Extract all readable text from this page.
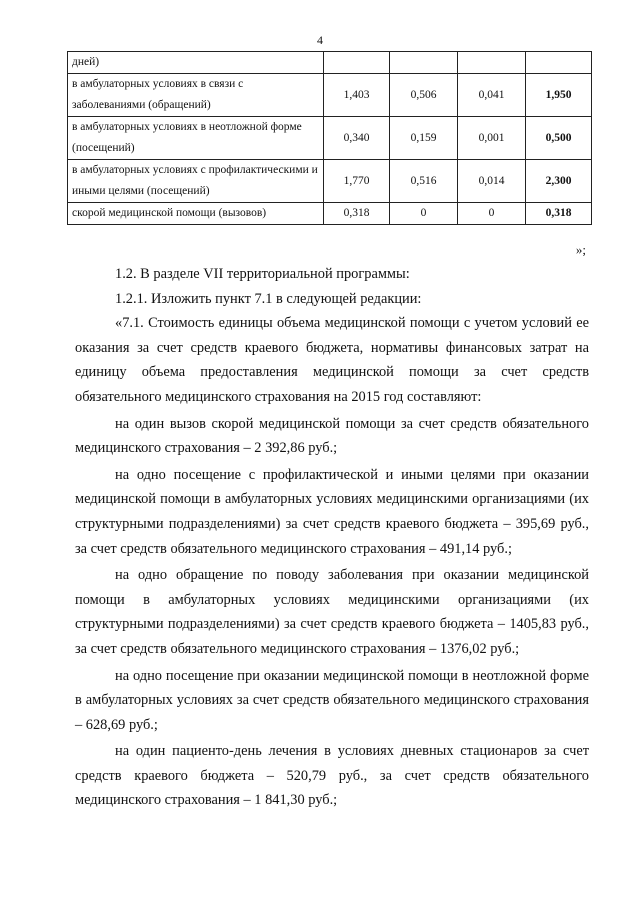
4
дней)				
в амбулаторных условиях в связи с заболеваниями (обращений)	1,403	0,506	0,041	1,950
в амбулаторных условиях в неотложной форме (посещений)	0,340	0,159	0,001	0,500
в амбулаторных условиях с профилактическими и иными целями (посещений)	1,770	0,516	0,014	2,300
скорой медицинской помощи (вызовов)	0,318	0	0	0,318
»;

1.2. В разделе VII территориальной программы:

1.2.1. Изложить пункт 7.1 в следующей редакции:

«7.1. Стоимость единицы объема медицинской помощи с учетом условий ее оказания за счет средств краевого бюджета, нормативы финансовых затрат на единицу объема предоставления медицинской помощи за счет средств обязательного медицинского страхования на 2015 год составляют:

на один вызов скорой медицинской помощи за счет средств обязательного медицинского страхования – 2 392,86 руб.;

на одно посещение с профилактической и иными целями при оказании медицинской помощи в амбулаторных условиях медицинскими организациями (их структурными подразделениями) за счет средств краевого бюджета – 395,69 руб., за счет средств обязательного медицинского страхования – 491,14 руб.;

на одно обращение по поводу заболевания при оказании медицинской помощи в амбулаторных условиях медицинскими организациями (их структурными подразделениями) за счет средств краевого бюджета – 1405,83 руб., за счет средств обязательного медицинского страхования – 1376,02 руб.;

на одно посещение при оказании медицинской помощи в неотложной форме в амбулаторных условиях за счет средств обязательного медицинского страхования – 628,69 руб.;

на один пациенто-день лечения в условиях дневных стационаров за счет средств краевого бюджета – 520,79 руб., за счет средств обязательного медицинского страхования – 1 841,30 руб.;
